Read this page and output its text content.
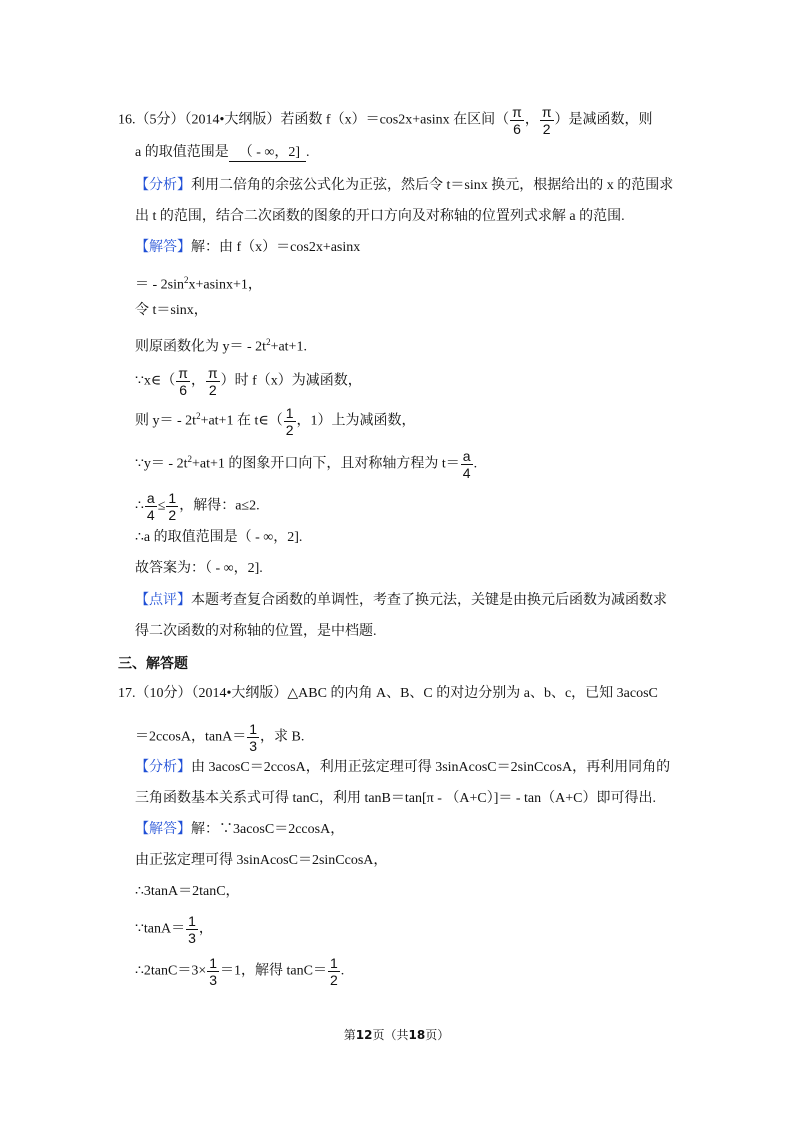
16.（5分）（2014•大纲版）若函数 f（x）＝cos2x+asinx 在区间（ $\frac{\pi}{6}$ ， $\frac{\pi}{2}$ ）是减函数，则
a 的取值范围是 （ - ∞，2] .
【分析】利用二倍角的余弦公式化为正弦，然后令 t＝sinx 换元，根据给出的 x 的范围求
出 t 的范围，结合二次函数的图象的开口方向及对称轴的位置列式求解 a 的范围.
【解答】解：由 f（x）＝cos2x+asinx
＝ - $2\sin^2x+asinx+1$，
令 t＝sinx，
则原函数化为 $y= - 2t^2+at+1$.
∵x∈（ $\frac{\pi}{6}$ ， $\frac{\pi}{2}$ ）时 f（x）为减函数，
则 $y= - 2t^2+at+1$ 在 t∈（ $\frac{1}{2}$ ，1）上为减函数，
∵y＝ - $2t^2+at+1$ 的图象开口向下，且对称轴方程为 $t= \frac{a}{4}$ .
∴ $\frac{a}{4} \le \frac{1}{2}$ ，解得：a≤2.
∴a 的取值范围是（ - ∞，2].
故答案为：（ - ∞，2].
【点评】本题考查复合函数的单调性，考查了换元法，关键是由换元后函数为减函数求
得二次函数的对称轴的位置，是中档题.
三、解答题
17.（10分）（2014•大纲版）△ABC 的内角 A、B、C 的对边分别为 a、b、c，已知 3acosC
＝2ccosA，$\tan A= \frac{1}{3}$ ，求 B.
【分析】由 3acosC＝2ccosA，利用正弦定理可得 3sinAcosC＝2sinCcosA，再利用同角的
三角函数基本关系式可得 tanC，利用 tanB＝tan[π - （A+C）]＝ - tan（A+C）即可得出.
【解答】解：∵3acosC＝2ccosA，
由正弦定理可得 3sinAcosC＝2sinCcosA，
∴3tanA＝2tanC，
∵tanA＝ $\frac{1}{3}$ ，
∴2tanC＝3× $\frac{1}{3} =1$，解得 $\tan C= \frac{1}{2}$ .
第12页（共18页）
